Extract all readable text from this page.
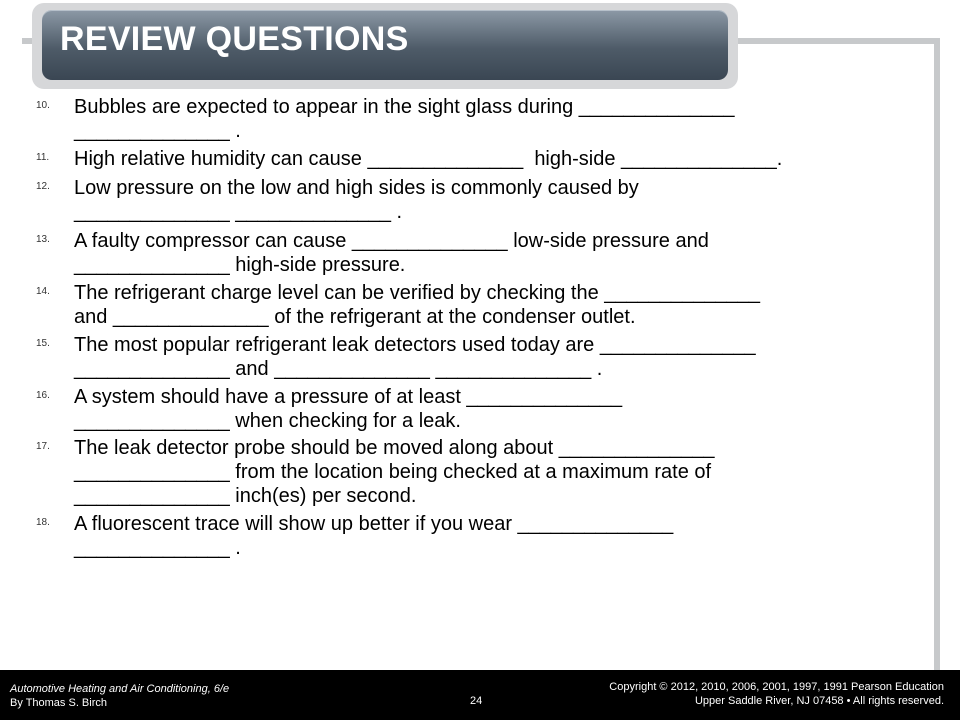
REVIEW QUESTIONS
10.	Bubbles are expected to appear in the sight glass during ______________
______________ .
11.	High relative humidity can cause ______________  high-side ______________.
12.	Low pressure on the low and high sides is commonly caused by
______________ ______________ .
13.	A faulty compressor can cause ______________ low-side pressure and
______________ high-side pressure.
14.	The refrigerant charge level can be verified by checking the ______________
and ______________ of the refrigerant at the condenser outlet.
15.	The most popular refrigerant leak detectors used today are ______________
______________ and ______________ ______________ .
16.	A system should have a pressure of at least ______________
______________ when checking for a leak.
17.	The leak detector probe should be moved along about ______________
______________ from the location being checked at a maximum rate of
______________ inch(es) per second.
18.	A fluorescent trace will show up better if you wear ______________
______________ .
Automotive Heating and Air Conditioning, 6/e
By Thomas S. Birch	24
Copyright © 2012, 2010, 2006, 2001, 1997, 1991 Pearson Education
Upper Saddle River, NJ 07458 • All rights reserved.
